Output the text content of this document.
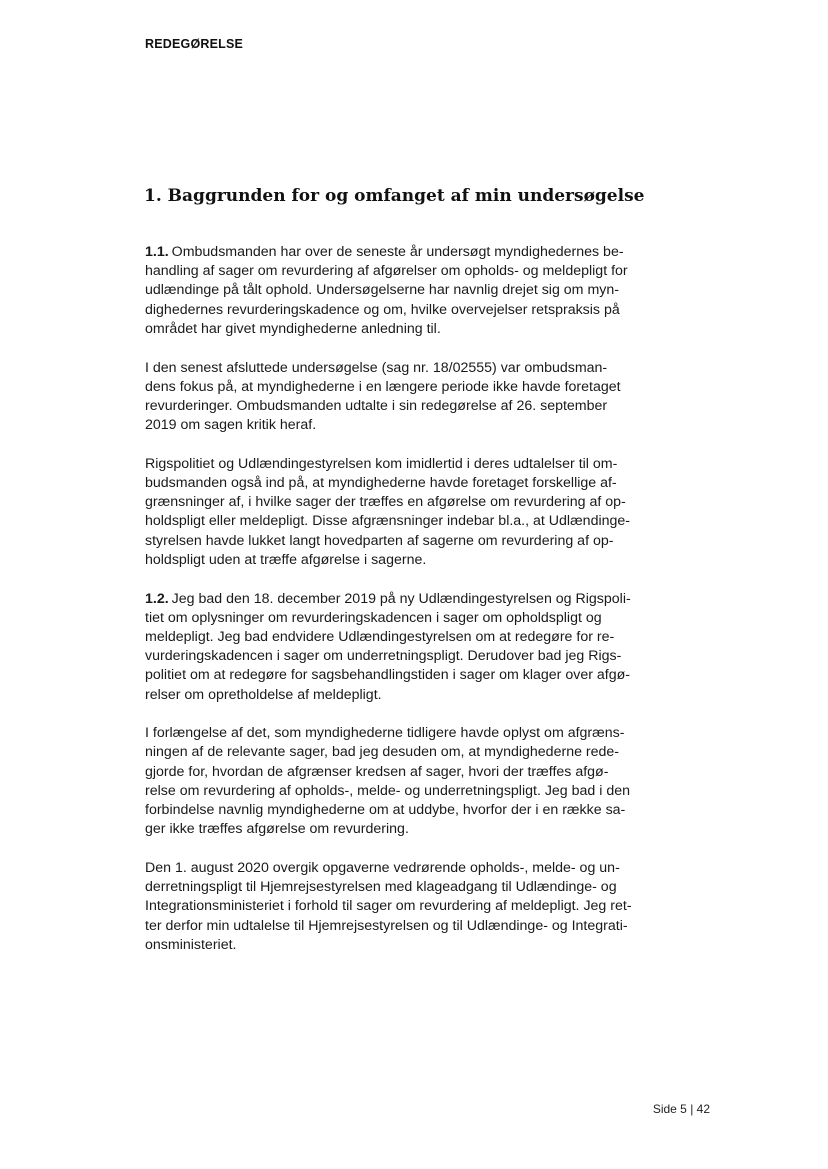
REDEGØRELSE
1. Baggrunden for og omfanget af min undersøgelse
1.1. Ombudsmanden har over de seneste år undersøgt myndighedernes be-
handling af sager om revurdering af afgørelser om opholds- og meldepligt for
udlændinge på tålt ophold. Undersøgelserne har navnlig drejet sig om myn-
dighedernes revurderingskadence og om, hvilke overvejelser retspraksis på
området har givet myndighederne anledning til.
I den senest afsluttede undersøgelse (sag nr. 18/02555) var ombudsman-
dens fokus på, at myndighederne i en længere periode ikke havde foretaget
revurderinger. Ombudsmanden udtalte i sin redegørelse af 26. september
2019 om sagen kritik heraf.
Rigspolitiet og Udlændingestyrelsen kom imidlertid i deres udtalelser til om-
budsmanden også ind på, at myndighederne havde foretaget forskellige af-
grænsninger af, i hvilke sager der træffes en afgørelse om revurdering af op-
holdspligt eller meldepligt. Disse afgrænsninger indebar bl.a., at Udlændinge-
styrelsen havde lukket langt hovedparten af sagerne om revurdering af op-
holdspligt uden at træffe afgørelse i sagerne.
1.2. Jeg bad den 18. december 2019 på ny Udlændingestyrelsen og Rigspoli-
tiet om oplysninger om revurderingskadencen i sager om opholdspligt og
meldepligt. Jeg bad endvidere Udlændingestyrelsen om at redegøre for re-
vurderingskadencen i sager om underretningspligt. Derudover bad jeg Rigs-
politiet om at redegøre for sagsbehandlingstiden i sager om klager over afgø-
relser om opretholdelse af meldepligt.
I forlængelse af det, som myndighederne tidligere havde oplyst om afgræns-
ningen af de relevante sager, bad jeg desuden om, at myndighederne rede-
gjorde for, hvordan de afgrænser kredsen af sager, hvori der træffes afgø-
relse om revurdering af opholds-, melde- og underretningspligt. Jeg bad i den
forbindelse navnlig myndighederne om at uddybe, hvorfor der i en række sa-
ger ikke træffes afgørelse om revurdering.
Den 1. august 2020 overgik opgaverne vedrørende opholds-, melde- og un-
derretningspligt til Hjemrejsestyrelsen med klageadgang til Udlændinge- og
Integrationsministeriet i forhold til sager om revurdering af meldepligt. Jeg ret-
ter derfor min udtalelse til Hjemrejsestyrelsen og til Udlændinge- og Integrati-
onsministeriet.
Side 5 | 42
